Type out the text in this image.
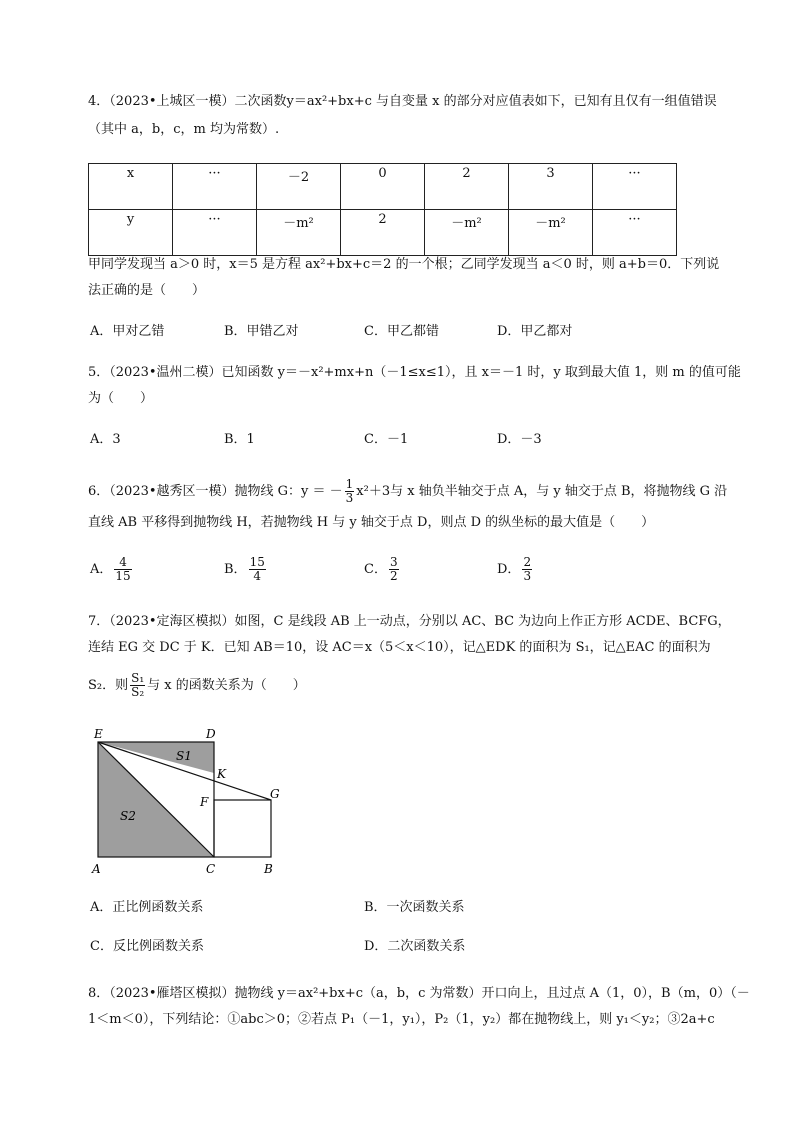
4．（2023•上城区一模）二次函数y＝ax²+bx+c 与自变量 x 的部分对应值表如下，已知有且仅有一组值错误
（其中 a，b，c，m 均为常数）.
x	···	－2	0	2	3	···
y	···	－m²	2	－m²	－m²	···
甲同学发现当 a＞0 时，x＝5 是方程 ax²+bx+c＝2 的一个根；乙同学发现当 a＜0 时，则 a+b＝0．下列说
法正确的是（　　）
A．甲对乙错	B．甲错乙对	C．甲乙都错	D．甲乙都对
5．（2023•温州二模）已知函数 y＝－x²+mx+n（－1≤x≤1），且 x＝－1 时，y 取到最大值 1，则 m 的值可能
为（　　）
A．3	B．1	C．－1	D．－3
6．（2023•越秀区一模）抛物线 G：y ＝ － $\frac{1}{3} x^2+3$与 x 轴负半轴交于点 A，与 y 轴交于点 B，将抛物线 G 沿
直线 AB 平移得到抛物线 H，若抛物线 H 与 y 轴交于点 D，则点 D 的纵坐标的最大值是（　　）
A． $\frac{4}{15}$	B． $\frac{15}{4}$	C． $\frac{3}{2}$	D． $\frac{2}{3}$
7．（2023•定海区模拟）如图，C 是线段 AB 上一动点，分别以 AC、BC 为边向上作正方形 ACDE、BCFG，
连结 EG 交 DC 于 K．已知 AB＝10，设 AC＝x（5＜x＜10），记△EDK 的面积为 S₁，记△EAC 的面积为
S₂．则 $\frac{\text{S₁}}{\text{S₂}}$ 与 x 的函数关系为（　　）
E	D
S1
K
F
G
S2
A	C	B
A．正比例函数关系	B．一次函数关系
C．反比例函数关系	D．二次函数关系
8．（2023•雁塔区模拟）抛物线 y＝ax²+bx+c（a，b，c 为常数）开口向上，且过点 A（1，0），B（m，0）（－
1＜m＜0），下列结论：①abc＞0；②若点 P₁（－1，y₁），P₂（1，y₂）都在抛物线上，则 y₁＜y₂；③2a+c
